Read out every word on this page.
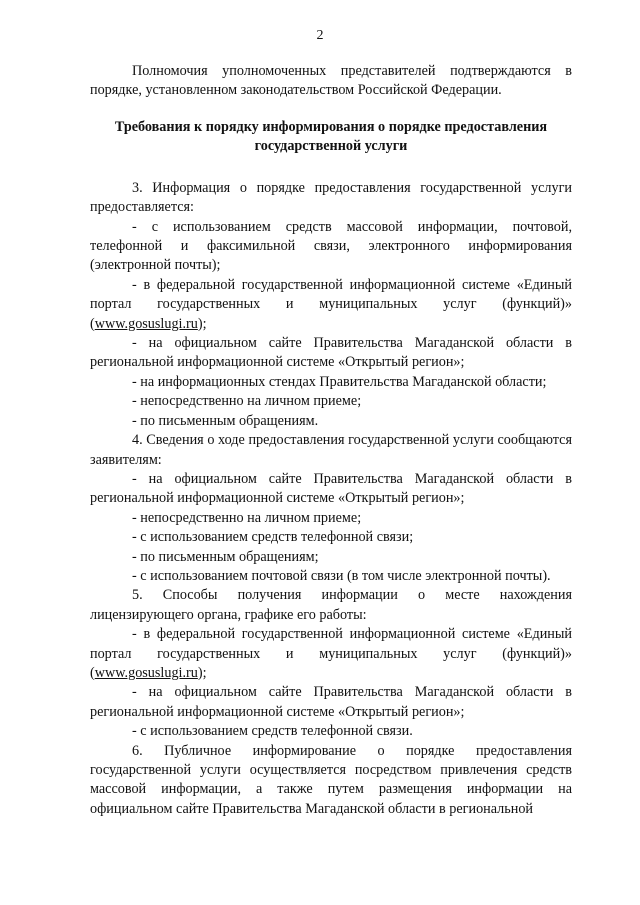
2

Полномочия уполномоченных представителей подтверждаются в порядке, установленном законодательством Российской Федерации.

Требования к порядку информирования о порядке предоставления государственной услуги

3. Информация о порядке предоставления государственной услуги предоставляется:

- с использованием средств массовой информации, почтовой, телефонной и факсимильной связи, электронного информирования (электронной почты);

- в федеральной государственной информационной системе «Единый портал государственных и муниципальных услуг (функций)» (www.gosuslugi.ru);

- на официальном сайте Правительства Магаданской области в региональной информационной системе «Открытый регион»;

- на информационных стендах Правительства Магаданской области;

- непосредственно на личном приеме;

- по письменным обращениям.

4. Сведения о ходе предоставления государственной услуги сообщаются заявителям:

- на официальном сайте Правительства Магаданской области в региональной информационной системе «Открытый регион»;

- непосредственно на личном приеме;

- с использованием средств телефонной связи;

- по письменным обращениям;

- с использованием почтовой связи (в том числе электронной почты).

5. Способы получения информации о месте нахождения лицензирующего органа, графике его работы:

- в федеральной государственной информационной системе «Единый портал государственных и муниципальных услуг (функций)» (www.gosuslugi.ru);

- на официальном сайте Правительства Магаданской области в региональной информационной системе «Открытый регион»;

- с использованием средств телефонной связи.

6. Публичное информирование о порядке предоставления государственной услуги осуществляется посредством привлечения средств массовой информации, а также путем размещения информации на официальном сайте Правительства Магаданской области в региональной
